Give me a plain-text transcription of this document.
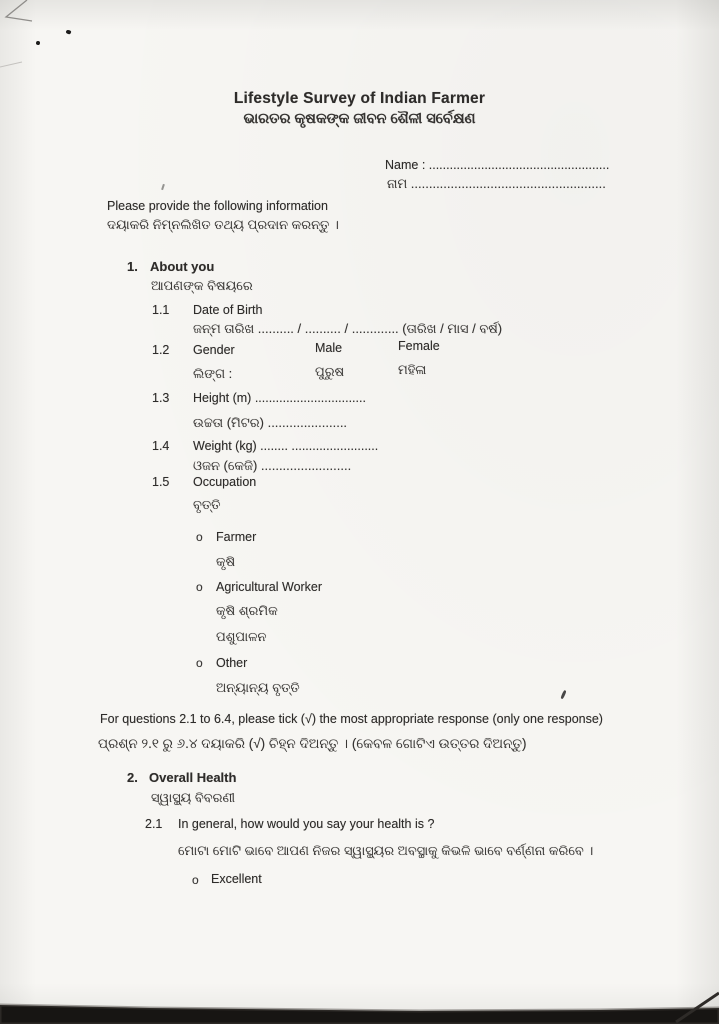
Lifestyle Survey of Indian Farmer
ଭାରତର କୃଷକଙ୍କ ଜୀବନ ଶୈଳୀ ସର୍ବେକ୍ଷଣ
Name : ....................................................
ନାମ ......................................................
Please provide the following information
ଦୟାକରି ନିମ୍ନଲିଖିତ ତଥ୍ୟ ପ୍ରଦାନ କରନ୍ତୁ ।
1. About you
ଆପଣଙ୍କ ବିଷୟରେ
1.1 Date of Birth
ଜନ୍ମ ତାରିଖ .......... / .......... / ............. (ତାରିଖ / ମାସ / ବର୍ଷ)
1.2 Gender	Male	Female
ଲିଙ୍ଗ :	ପୁରୁଷ	ମହିଳା
1.3 Height (m) ................................
ଉଚ୍ଚତା (ମିଟର) ......................
1.4 Weight (kg) ........ .........................
ଓଜନ (କେଜି) .........................
1.5 Occupation
ବୃତ୍ତି
o Farmer
କୃଷି
o Agricultural Worker
କୃଷି ଶ୍ରମିକ
ପଶୁପାଳନ
o Other
ଅନ୍ୟାନ୍ୟ ବୃତ୍ତି
For questions 2.1 to 6.4, please tick (√) the most appropriate response (only one response)
ପ୍ରଶ୍ନ ୨.୧ ରୁ ୬.୪ ଦୟାକରି (√) ଚିହ୍ନ ଦିଅନ୍ତୁ । (କେବଳ ଗୋଟିଏ ଉତ୍ତର ଦିଅନ୍ତୁ)
2. Overall Health
ସ୍ୱାସ୍ଥ୍ୟ ବିବରଣୀ
2.1 In general, how would you say your health is ?
ମୋଟା ମୋଟି ଭାବେ ଆପଣ ନିଜର ସ୍ୱାସ୍ଥ୍ୟର ଅବସ୍ଥାକୁ କିଭଳି ଭାବେ ବର୍ଣ୍ଣନା କରିବେ ।
o Excellent
